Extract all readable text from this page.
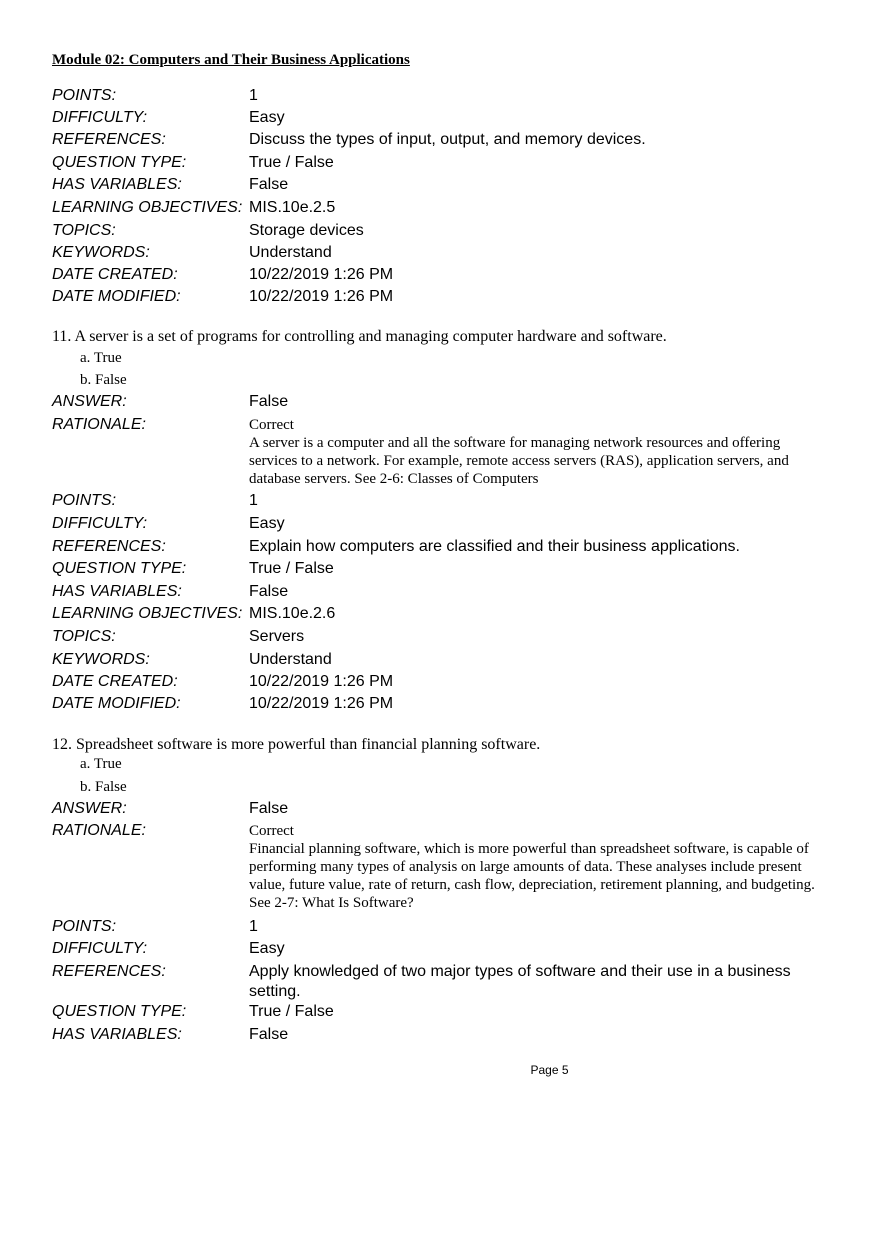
Module 02: Computers and Their Business Applications
POINTS:	1
DIFFICULTY:	Easy
REFERENCES:	Discuss the types of input, output, and memory devices.
QUESTION TYPE:	True / False
HAS VARIABLES:	False
LEARNING OBJECTIVES: MIS.10e.2.5
TOPICS:	Storage devices
KEYWORDS:	Understand
DATE CREATED:	10/22/2019 1:26 PM
DATE MODIFIED:	10/22/2019 1:26 PM
11. A server is a set of programs for controlling and managing computer hardware and software.
a. True
b. False
ANSWER:	False
RATIONALE:	Correct
A server is a computer and all the software for managing network resources and offering services to a network. For example, remote access servers (RAS), application servers, and database servers. See 2-6: Classes of Computers
POINTS:	1
DIFFICULTY:	Easy
REFERENCES:	Explain how computers are classified and their business applications.
QUESTION TYPE:	True / False
HAS VARIABLES:	False
LEARNING OBJECTIVES: MIS.10e.2.6
TOPICS:	Servers
KEYWORDS:	Understand
DATE CREATED:	10/22/2019 1:26 PM
DATE MODIFIED:	10/22/2019 1:26 PM
12. Spreadsheet software is more powerful than financial planning software.
a. True
b. False
ANSWER:	False
RATIONALE:	Correct
Financial planning software, which is more powerful than spreadsheet software, is capable of performing many types of analysis on large amounts of data. These analyses include present value, future value, rate of return, cash flow, depreciation, retirement planning, and budgeting. See 2-7: What Is Software?
POINTS:	1
DIFFICULTY:	Easy
REFERENCES:	Apply knowledged of two major types of software and their use in a business setting.
QUESTION TYPE:	True / False
HAS VARIABLES:	False
Page 5
